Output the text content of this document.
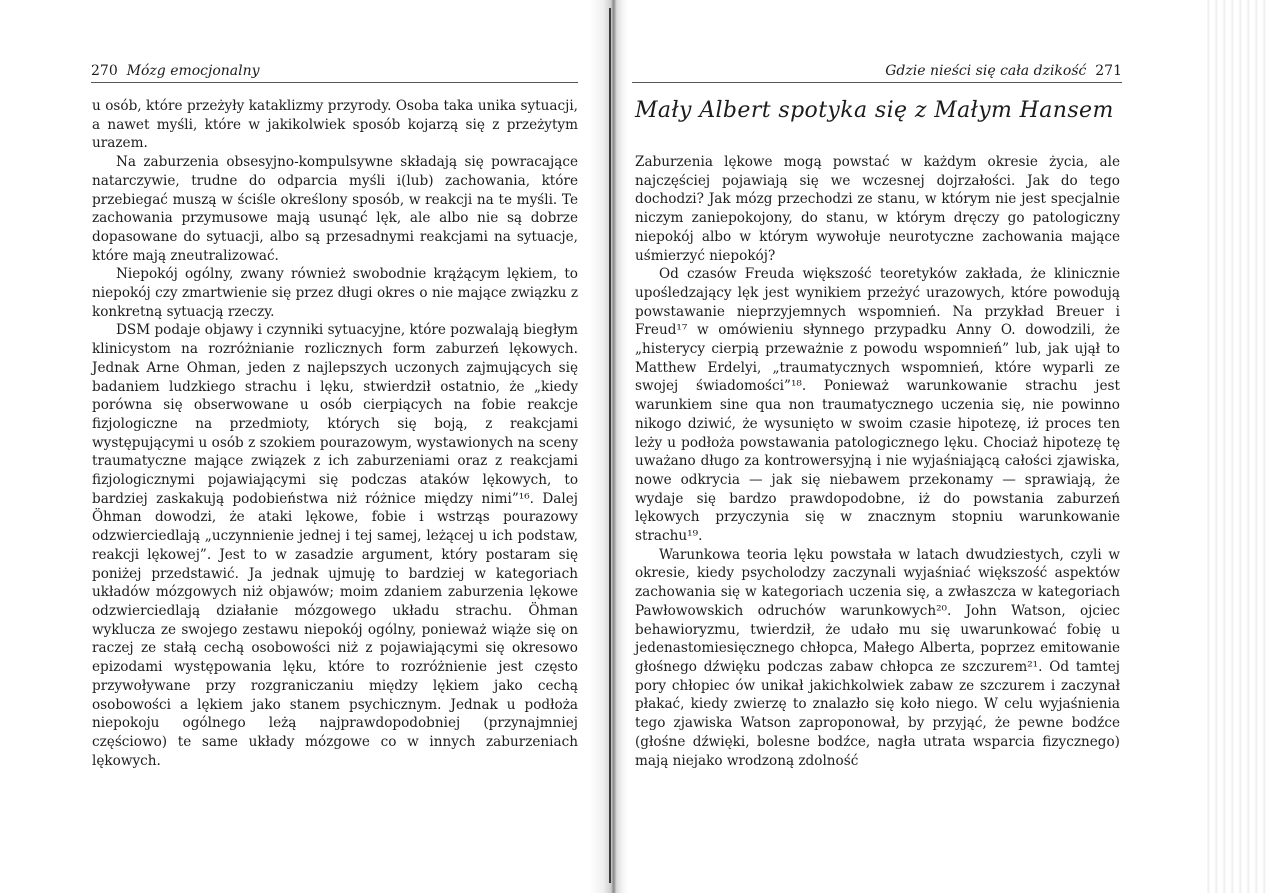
270 Mózg emocjonalny

u osób, które przeżyły kataklizmy przyrody. Osoba taka unika sytuacji, a nawet myśli, które w jakikolwiek sposób kojarzą się z przeżytym urazem.

Na zaburzenia obsesyjno-kompulsywne składają się powracające natarczywie, trudne do odparcia myśli i(lub) zachowania, które przebiegać muszą w ściśle określony sposób, w reakcji na te myśli. Te zachowania przymusowe mają usunąć lęk, ale albo nie są dobrze dopasowane do sytuacji, albo są przesadnymi reakcjami na sytuacje, które mają zneutralizować.

Niepokój ogólny, zwany również swobodnie krążącym lękiem, to niepokój czy zmartwienie się przez długi okres o nie mające związku z konkretną sytuacją rzeczy.

DSM podaje objawy i czynniki sytuacyjne, które pozwalają biegłym klinicystom na rozróżnianie rozlicznych form zaburzeń lękowych. Jednak Arne Ohman, jeden z najlepszych uczonych zajmujących się badaniem ludzkiego strachu i lęku, stwierdził ostatnio, że „kiedy porówna się obserwowane u osób cierpiących na fobie reakcje fizjologiczne na przedmioty, których się boją, z reakcjami występującymi u osób z szokiem pourazowym, wystawionych na sceny traumatyczne mające związek z ich zaburzeniami oraz z reakcjami fizjologicznymi pojawiającymi się podczas ataków lękowych, to bardziej zaskakują podobieństwa niż różnice między nimi”¹⁶. Dalej Öhman dowodzi, że ataki lękowe, fobie i wstrząs pourazowy odzwierciedlają „uczynnienie jednej i tej samej, leżącej u ich podstaw, reakcji lękowej”. Jest to w zasadzie argument, który postaram się poniżej przedstawić. Ja jednak ujmuję to bardziej w kategoriach układów mózgowych niż objawów; moim zdaniem zaburzenia lękowe odzwierciedlają działanie mózgowego układu strachu. Öhman wyklucza ze swojego zestawu niepokój ogólny, ponieważ wiąże się on raczej ze stałą cechą osobowości niż z pojawiającymi się okresowo epizodami występowania lęku, które to rozróżnienie jest często przywoływane przy rozgraniczaniu między lękiem jako cechą osobowości a lękiem jako stanem psychicznym. Jednak u podłoża niepokoju ogólnego leżą najprawdopodobniej (przynajmniej częściowo) te same układy mózgowe co w innych zaburzeniach lękowych.

Gdzie nieści się cała dzikość 271
Mały Albert spotyka się z Małym Hansem

Zaburzenia lękowe mogą powstać w każdym okresie życia, ale najczęściej pojawiają się we wczesnej dojrzałości. Jak do tego dochodzi? Jak mózg przechodzi ze stanu, w którym nie jest specjalnie niczym zaniepokojony, do stanu, w którym dręczy go patologiczny niepokój albo w którym wywołuje neurotyczne zachowania mające uśmierzyć niepokój?

Od czasów Freuda większość teoretyków zakłada, że klinicznie upośledzający lęk jest wynikiem przeżyć urazowych, które powodują powstawanie nieprzyjemnych wspomnień. Na przykład Breuer i Freud¹⁷ w omówieniu słynnego przypadku Anny O. dowodzili, że „histerycy cierpią przeważnie z powodu wspomnień” lub, jak ujął to Matthew Erdelyi, „traumatycznych wspomnień, które wyparli ze swojej świadomości”¹⁸. Ponieważ warunkowanie strachu jest warunkiem sine qua non traumatycznego uczenia się, nie powinno nikogo dziwić, że wysunięto w swoim czasie hipotezę, iż proces ten leży u podłoża powstawania patologicznego lęku. Chociaż hipotezę tę uważano długo za kontrowersyjną i nie wyjaśniającą całości zjawiska, nowe odkrycia — jak się niebawem przekonamy — sprawiają, że wydaje się bardzo prawdopodobne, iż do powstania zaburzeń lękowych przyczynia się w znacznym stopniu warunkowanie strachu¹⁹.

Warunkowa teoria lęku powstała w latach dwudziestych, czyli w okresie, kiedy psycholodzy zaczynali wyjaśniać większość aspektów zachowania się w kategoriach uczenia się, a zwłaszcza w kategoriach Pawłowowskich odruchów warunkowych²⁰. John Watson, ojciec behawioryzmu, twierdził, że udało mu się uwarunkować fobię u jedenastomiesięcznego chłopca, Małego Alberta, poprzez emitowanie głośnego dźwięku podczas zabaw chłopca ze szczurem²¹. Od tamtej pory chłopiec ów unikał jakichkolwiek zabaw ze szczurem i zaczynał płakać, kiedy zwierzę to znalazło się koło niego. W celu wyjaśnienia tego zjawiska Watson zaproponował, by przyjąć, że pewne bodźce (głośne dźwięki, bolesne bodźce, nagła utrata wsparcia fizycznego) mają niejako wrodzoną zdolność
